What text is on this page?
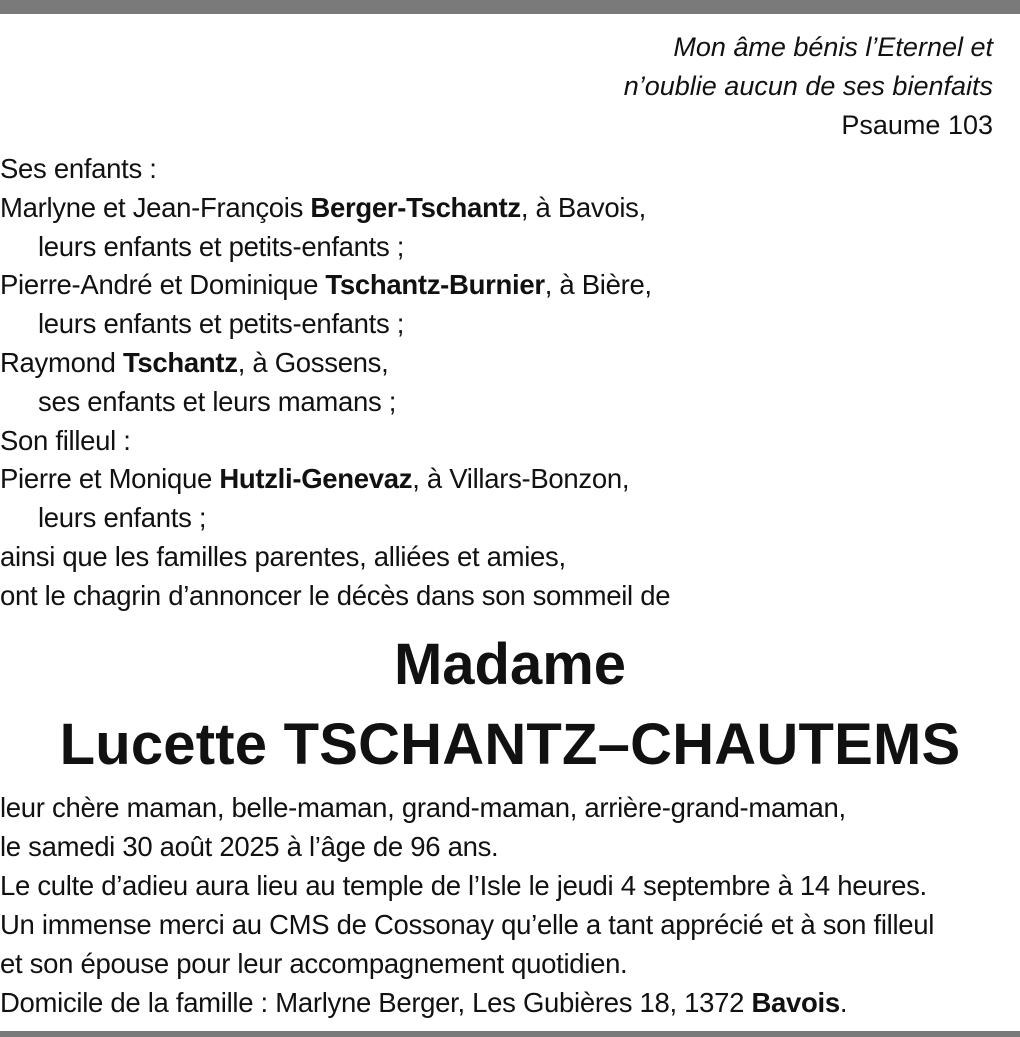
Mon âme bénis l’Eternel et
n’oublie aucun de ses bienfaits
Psaume 103
Ses enfants :
Marlyne et Jean-François Berger-Tschantz, à Bavois,
leurs enfants et petits-enfants ;
Pierre-André et Dominique Tschantz-Burnier, à Bière,
leurs enfants et petits-enfants ;
Raymond Tschantz, à Gossens,
ses enfants et leurs mamans ;
Son filleul :
Pierre et Monique Hutzli-Genevaz, à Villars-Bonzon,
leurs enfants ;
ainsi que les familles parentes, alliées et amies,
ont le chagrin d’annoncer le décès dans son sommeil de
Madame
Lucette TSCHANTZ–CHAUTEMS
leur chère maman, belle-maman, grand-maman, arrière-grand-maman,
le samedi 30 août 2025 à l’âge de 96 ans.
Le culte d’adieu aura lieu au temple de l’Isle le jeudi 4 septembre à 14 heures.
Un immense merci au CMS de Cossonay qu’elle a tant apprécié et à son filleul
et son épouse pour leur accompagnement quotidien.
Domicile de la famille : Marlyne Berger, Les Gubières 18, 1372 Bavois.
